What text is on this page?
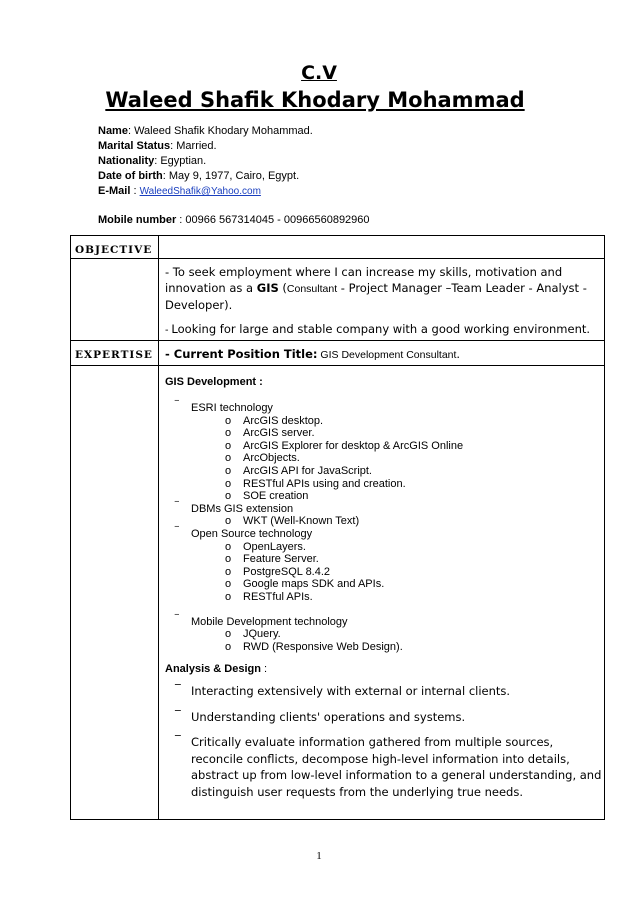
C.V
Waleed Shafik Khodary Mohammad
Name: Waleed Shafik Khodary Mohammad.
Marital Status: Married.
Nationality: Egyptian.
Date of birth: May 9, 1977, Cairo, Egypt.
E-Mail : WaleedShafik@Yahoo.com
Mobile number : 00966 567314045 - 00966560892960
OBJECTIVE
EXPERTISE

- To seek employment where I can increase my skills, motivation and innovation as a GIS (Consultant - Project Manager –Team Leader - Analyst - Developer).

- Looking for large and stable company with a good working environment.

- Current Position Title: GIS Development Consultant.

GIS Development :
‾ ESRI technology
o ArcGIS desktop.
o ArcGIS server.
o ArcGIS Explorer for desktop & ArcGIS Online
o ArcObjects.
o ArcGIS API for JavaScript.
o RESTful APIs using and creation.
o SOE creation
‾ DBMs GIS extension
o WKT (Well-Known Text)
‾ Open Source technology
o OpenLayers.
o Feature Server.
o PostgreSQL 8.4.2
o Google maps SDK and APIs.
o RESTful APIs.
‾ Mobile Development technology
o JQuery.
o RWD (Responsive Web Design).
Analysis & Design :
‾ Interacting extensively with external or internal clients.
‾ Understanding clients' operations and systems.
‾ Critically evaluate information gathered from multiple sources, reconcile conflicts, decompose high-level information into details, abstract up from low-level information to a general understanding, and distinguish user requests from the underlying true needs.
1
